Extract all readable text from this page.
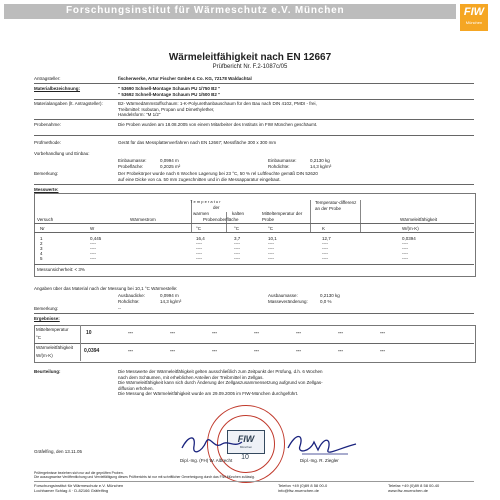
Forschungsinstitut für Wärmeschutz e.V. München	FIW
München
Wärmeleitfähigkeit nach EN 12667
Prüfbericht Nr. F.2-1087c/05
Antragsteller:	fischerwerke, Artur Fischer GmbH & Co. KG, 72178 Waldachtal
Materialbezeichnung:	" 53690 Schnell-Montage Schaum PU 1/750 B2 "
" 53692 Schnell-Montage Schaum PU 1/500 B2 "
Materialangaben (lt. Antragsteller):	B2- Wärmedämmstoffschaum: 1-K-Polyurethanbauschaum für den Bau nach DIN 4102, PMDI - frei,
Treibmittel: Isobutan, Propan und Dimethylether,
Handelsform: "M 1/2"
Probenahme:	Die Proben wurden am 18.08.2005 von einem Mitarbeiter des Instituts im FIW München geschäumt.
Prüfmethode:	Gerät für das Messplattenverfahren nach EN 12667; Messfläche 300 x 300 mm
Vorbehandlung und Einbau:
Einbaumasse:	0,0994 m
Probefläche:	0,2025 m²
Einbaumasse:	0,2130 kg
Rohdichte:	14,3 kg/m³
Bemerkung:	Der Probekörper wurde nach 6 Wochen Lagerung bei 23 °C, 50 % rel Luftfeuchte gemäß DIN 52620
auf eine Dicke von ca. 50 mm zugeschnitten und in die Messapparatur eingebaut.
Messwerte:
T e m p e r a t u r
der
warmen	kalten
Probenoberfläche
Versuch	Wärmestrom
Mitteltemperatur der Probe
Temperatur-differenz an der Probe
Wärmeleitfähigkeit
Nr	W	°C	°C	°C	K	W/(m·K)
1	0,445	16,4	3,7	10,1	12,7	0,0394
2	----	----	----	----	----	----
3	----	----	----	----	----	----
4	----	----	----	----	----	----
5	----	----	----	----	----	----
Messunsicherheit: < 3%
Angaben über das Material nach der Messung bei 10,1 °C Wärmestelle:
Ausbaudicke:	0,0994 m
Rohdichte:	14,3 kg/m³
Ausbaumasse:	0,2130 kg
Masseveränderung:	0,0 %
Bemerkung:	--
Ergebnisse:
Mitteltemperatur
°C
10	---	---	---	---	---	---	---
Wärmeleitfähigkeit
W/(m·K)
0,0394	---	---	---	---	---	---	---
Beurteilung:	Die Messwerte der Wärmeleitfähigkeit gelten ausschließlich zum Zeitpunkt der Prüfung, d.h. 6 Wochen
nach dem Schäumen, mit erheblichen Anteilen der Treibmittel im Zellgas.
Die Wärmeleitfähigkeit kann sich durch Änderung der Zellgaszusammensetzung aufgrund von Zellgas-
diffusion erhöhen.
Die Messung der Wärmeleitfähigkeit wurde am 29.09.2005 im FIW-München durchgeführt.
FIW
München
10
Gräfelfing, den 13.11.05
Dipl.-Ing. (FH) W. Albrecht	Dipl.-Ing. R. Ziegler
Prüfergebnisse beziehen sich nur auf die geprüften Proben.
Die auszugsweise Veröffentlichung und Vervielfältigung dieses Prüfberichts ist nur mit schriftlicher Genehmigung durch das FIW München zulässig.
Forschungsinstitut für Wärmeschutz e.V. München
Lochhamer Schlag 4 · D-82166 Gräfelfing
Telefon +49 (0)89 8 58 00-0
info@fiw-muenchen.de
Telefax +49 (0)89 8 58 00-40
www.fiw-muenchen.de
